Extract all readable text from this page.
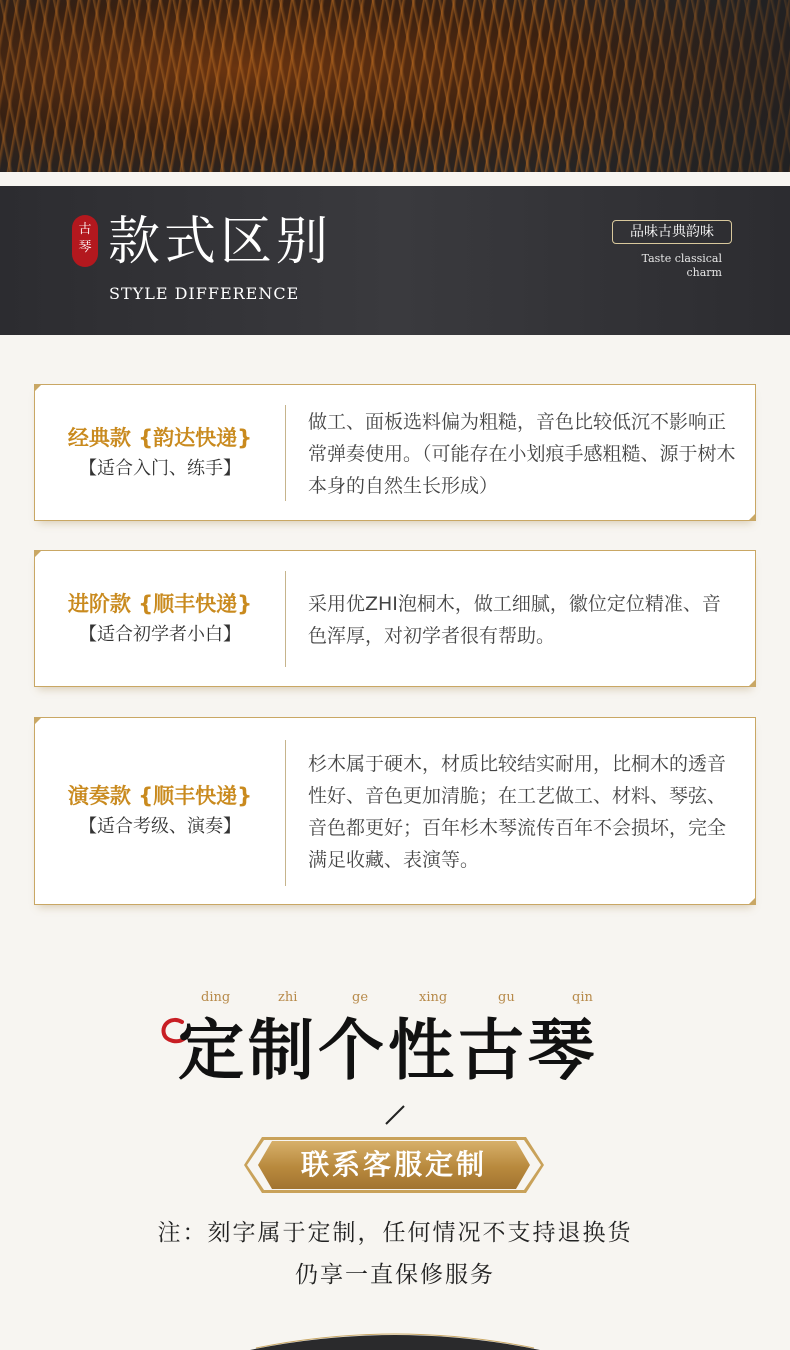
古琴 款式区别
STYLE DIFFERENCE
品味古典韵味
Taste classical charm
经典款 {韵达快递}
【适合入门、练手】
做工、面板选料偏为粗糙，音色比较低沉不影响正常弹奏使用。（可能存在小划痕手感粗糙、源于树木本身的自然生长形成）
进阶款 {顺丰快递}
【适合初学者小白】
采用优ZHI泡桐木，做工细腻，徽位定位精准、音色浑厚，对初学者很有帮助。
演奏款 {顺丰快递}
【适合考级、演奏】
杉木属于硬木，材质比较结实耐用，比桐木的透音性好、音色更加清脆；在工艺做工、材料、琴弦、音色都更好；百年杉木琴流传百年不会损坏，完全满足收藏、表演等。
ding	zhi	ge	xing	gu	qin
定制个性古琴
联系客服定制
注：刻字属于定制，任何情况不支持退换货
仍享一直保修服务
